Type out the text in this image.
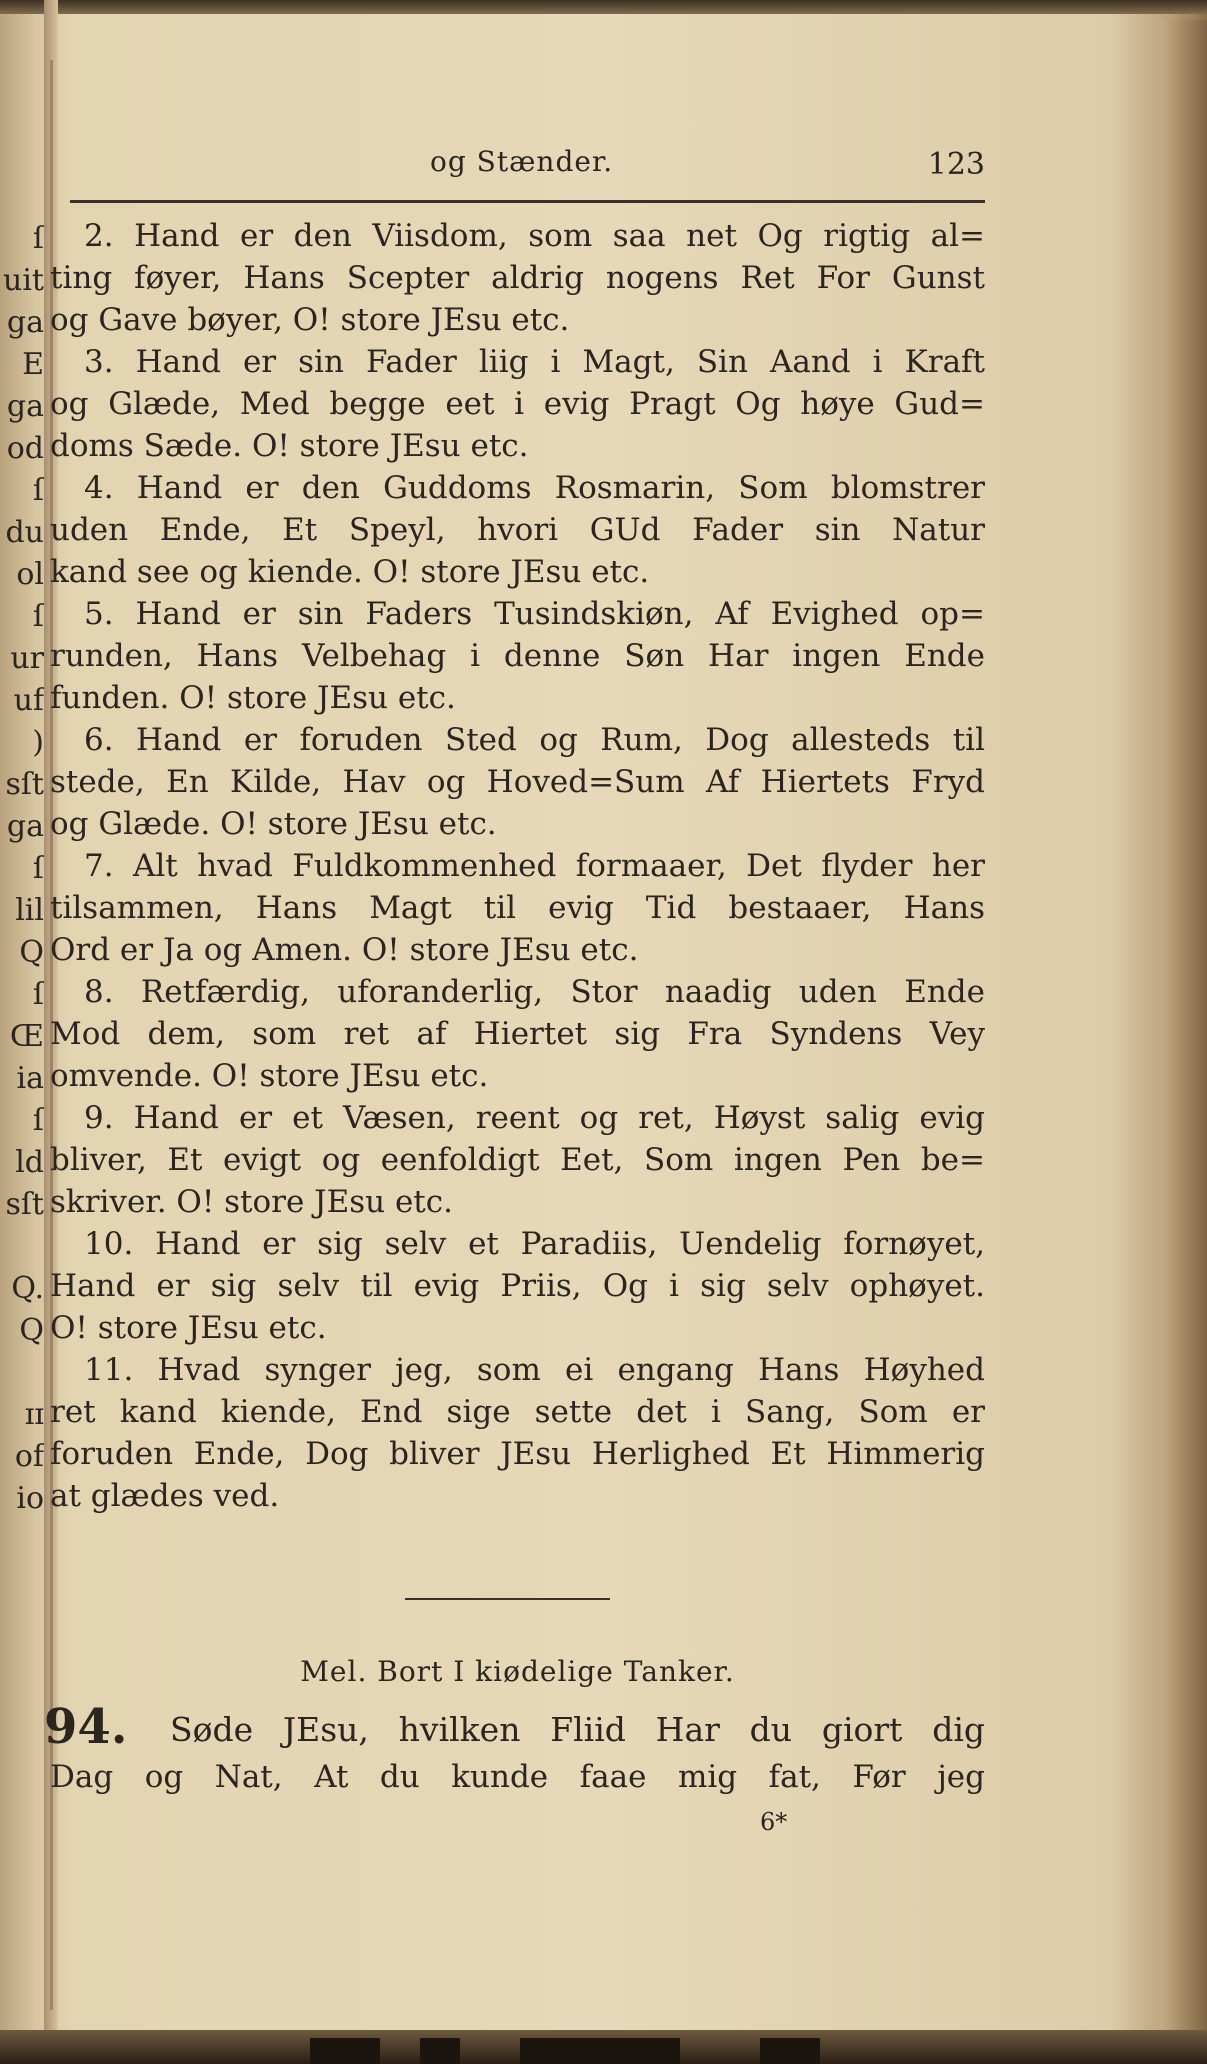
ſ
uit
ga
E
ga
od
ſ
du
ol
ſ
ur
uf
)
sſt
ga
ſ
lil
Q
ſ
Œ
ia
ſ
ld
sſt
Q.
Q
ɪɪ
of
io
og Stænder.	123
2. Hand er den Viisdom, som saa net Og rigtig al=
ting føyer, Hans Scepter aldrig nogens Ret For Gunst
og Gave bøyer, O! store JEsu etc.
3. Hand er sin Fader liig i Magt, Sin Aand i Kraft
og Glæde, Med begge eet i evig Pragt Og høye Gud=
doms Sæde. O! store JEsu etc.
4. Hand er den Guddoms Rosmarin, Som blomstrer
uden Ende, Et Speyl, hvori GUd Fader sin Natur
kand see og kiende. O! store JEsu etc.
5. Hand er sin Faders Tusindskiøn, Af Evighed op=
runden, Hans Velbehag i denne Søn Har ingen Ende
funden. O! store JEsu etc.
6. Hand er foruden Sted og Rum, Dog allesteds til
stede, En Kilde, Hav og Hoved=Sum Af Hiertets Fryd
og Glæde. O! store JEsu etc.
7. Alt hvad Fuldkommenhed formaaer, Det flyder her
tilsammen, Hans Magt til evig Tid bestaaer, Hans
Ord er Ja og Amen. O! store JEsu etc.
8. Retfærdig, uforanderlig, Stor naadig uden Ende
Mod dem, som ret af Hiertet sig Fra Syndens Vey
omvende. O! store JEsu etc.
9. Hand er et Væsen, reent og ret, Høyst salig evig
bliver, Et evigt og eenfoldigt Eet, Som ingen Pen be=
skriver. O! store JEsu etc.
10. Hand er sig selv et Paradiis, Uendelig fornøyet,
Hand er sig selv til evig Priis, Og i sig selv ophøyet.
O! store JEsu etc.
11. Hvad synger jeg, som ei engang Hans Høyhed
ret kand kiende, End sige sette det i Sang, Som er
foruden Ende, Dog bliver JEsu Herlighed Et Himmerig
at glædes ved.
Mel. Bort I kiødelige Tanker.
94.	Søde JEsu, hvilken Fliid Har du giort dig
Dag og Nat, At du kunde faae mig fat, Før jeg
6*
